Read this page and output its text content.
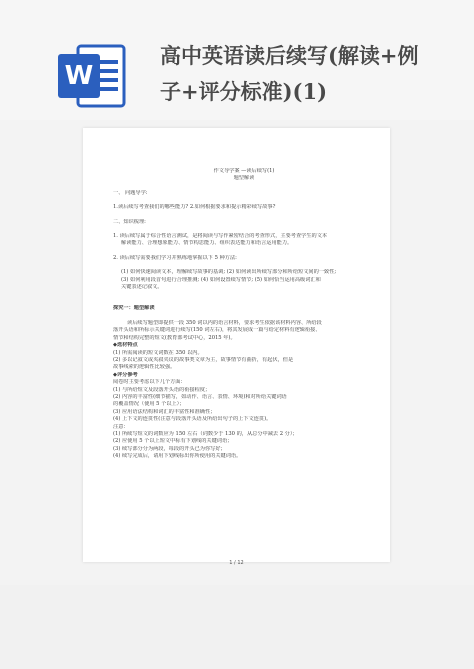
W
高中英语读后续写(解读+例
子+评分标准)(1)
作文导学案 —读后续写(1)
题型解读
一、 问题导学:
1.读后续写考查我们的哪些能力? 2.如何根据要求和提示精彩续写故事?
二、知识梳理:
1. 读后续写属于综合性语言测试，是将阅读与写作紧密结合的考查形式，主要考查学生的文本
解读能力、合理想象能力、情节构思能力、组织表达能力和语言运用能力。
2. 读后续写需要我们学习并熟练地掌握以下 5 种方法:
(1) 如何快速阅读文本，理解续写故事的基调; (2) 如何读出所续写部分和所给短文间的一致性;
(3) 如何利用段首句进行合理推测; (4) 如何设置续写情节; (5) 如何恰当运用高级词汇和
关键表述记叙文。
探究一：题型解读
读后续写题型即提供一段 350 词以内的语言材料，要求考生依据该材料内容、所给段
落开头语和所标示关键词进行续写(150 词左右)，将其发展成一篇与给定材料有逻辑衔接、
情节和结构完整的短文(教育部考试中心，2015 年)。
◆选材特点
(1) 所需阅读的短文词数在 350 以内。
(2) 多以记叙文或夹叙夹议的故事类文章为主，故事情节有曲折，有起伏，但是
故事线索的逻辑性比较强。
◆评分参考
阅卷时主要考虑以下几个方面：
(1) 与所给短文及段落开头语的衔接程度；
(2) 内容的丰富性(细节描写，如动作、语言、表情、环境)和对所给关键词语
的覆盖情况（使用 5 个以上）；
(3) 应用语法结构和词汇的丰富性和准确性；
(4) 上下文的连贯性(注意与段落开头语及所给出句子的上下文连贯)。
注意：
(1) 所续写短文的词数应为 150 左右（词数少于 130 的，从总分中减去 2 分）；
(2) 应使用 5 个以上短文中标有下划线的关键词语；
(3) 续写部分分为两段，每段的开头已为你写好；
(4) 续写完成后，请用下划线标出你所使用的关键词语。
1 / 12
